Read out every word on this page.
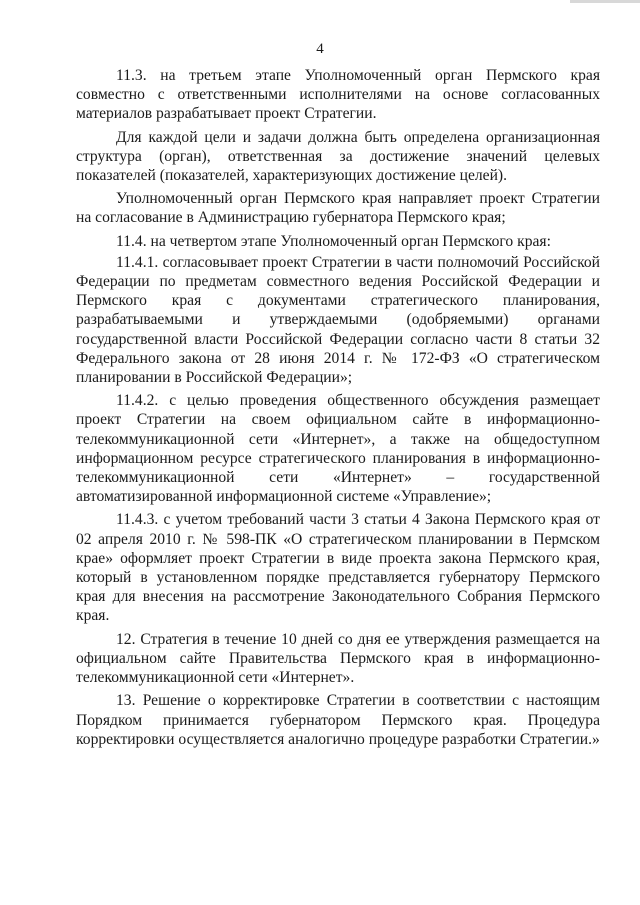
4

11.3. на третьем этапе Уполномоченный орган Пермского края совместно с ответственными исполнителями на основе согласованных материалов разрабатывает проект Стратегии.

Для каждой цели и задачи должна быть определена организационная структура (орган), ответственная за достижение значений целевых показателей (показателей, характеризующих достижение целей).

Уполномоченный орган Пермского края направляет проект Стратегии на согласование в Администрацию губернатора Пермского края;

11.4. на четвертом этапе Уполномоченный орган Пермского края:

11.4.1. согласовывает проект Стратегии в части полномочий Российской Федерации по предметам совместного ведения Российской Федерации и Пермского края с документами стратегического планирования, разрабатываемыми и утверждаемыми (одобряемыми) органами государственной власти Российской Федерации согласно части 8 статьи 32 Федерального закона от 28 июня 2014 г. № 172-ФЗ «О стратегическом планировании в Российской Федерации»;

11.4.2. с целью проведения общественного обсуждения размещает проект Стратегии на своем официальном сайте в информационно-телекоммуникационной сети «Интернет», а также на общедоступном информационном ресурсе стратегического планирования в информационно-телекоммуникационной сети «Интернет» – государственной автоматизированной информационной системе «Управление»;

11.4.3. с учетом требований части 3 статьи 4 Закона Пермского края от 02 апреля 2010 г. № 598-ПК «О стратегическом планировании в Пермском крае» оформляет проект Стратегии в виде проекта закона Пермского края, который в установленном порядке представляется губернатору Пермского края для внесения на рассмотрение Законодательного Собрания Пермского края.

12. Стратегия в течение 10 дней со дня ее утверждения размещается на официальном сайте Правительства Пермского края в информационно-телекоммуникационной сети «Интернет».

13. Решение о корректировке Стратегии в соответствии с настоящим Порядком принимается губернатором Пермского края. Процедура корректировки осуществляется аналогично процедуре разработки Стратегии.»
